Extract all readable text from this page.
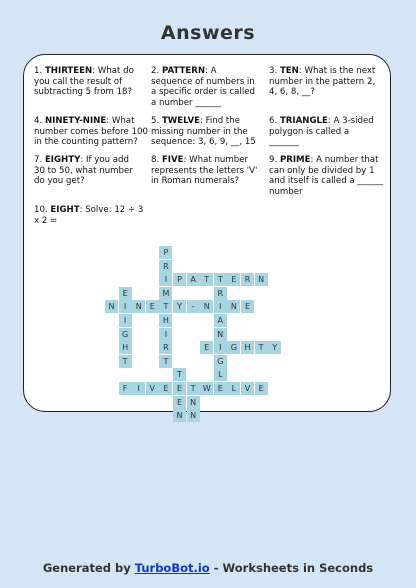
Answers
1. THIRTEEN: What do you call the result of subtracting 5 from 18?
2. PATTERN: A sequence of numbers in a specific order is called a number ______
3. TEN: What is the next number in the pattern 2, 4, 6, 8, __?
4. NINETY-NINE: What number comes before 100 in the counting pattern?
5. TWELVE: Find the missing number in the sequence: 3, 6, 9, __, 15
6. TRIANGLE: A 3-sided polygon is called a _______
7. EIGHTY: If you add 30 to 50, what number do you get?
8. FIVE: What number represents the letters 'V' in Roman numerals?
9. PRIME: A number that can only be divided by 1 and itself is called a ______ number
10. EIGHT: Solve: 12 ÷ 3 x 2 =
P
R
I	P	A	T	T	E	R N
E	M	R
N	I	N	E	T	Y	-	N	I	N	E
I	H	A
G	I	N
H	R	E	I	G H	T	Y
T	T	G
T	L
F	I	V	E	E	T W E	L	V	E
E	N
N N
Generated by TurboBot.io - Worksheets in Seconds
